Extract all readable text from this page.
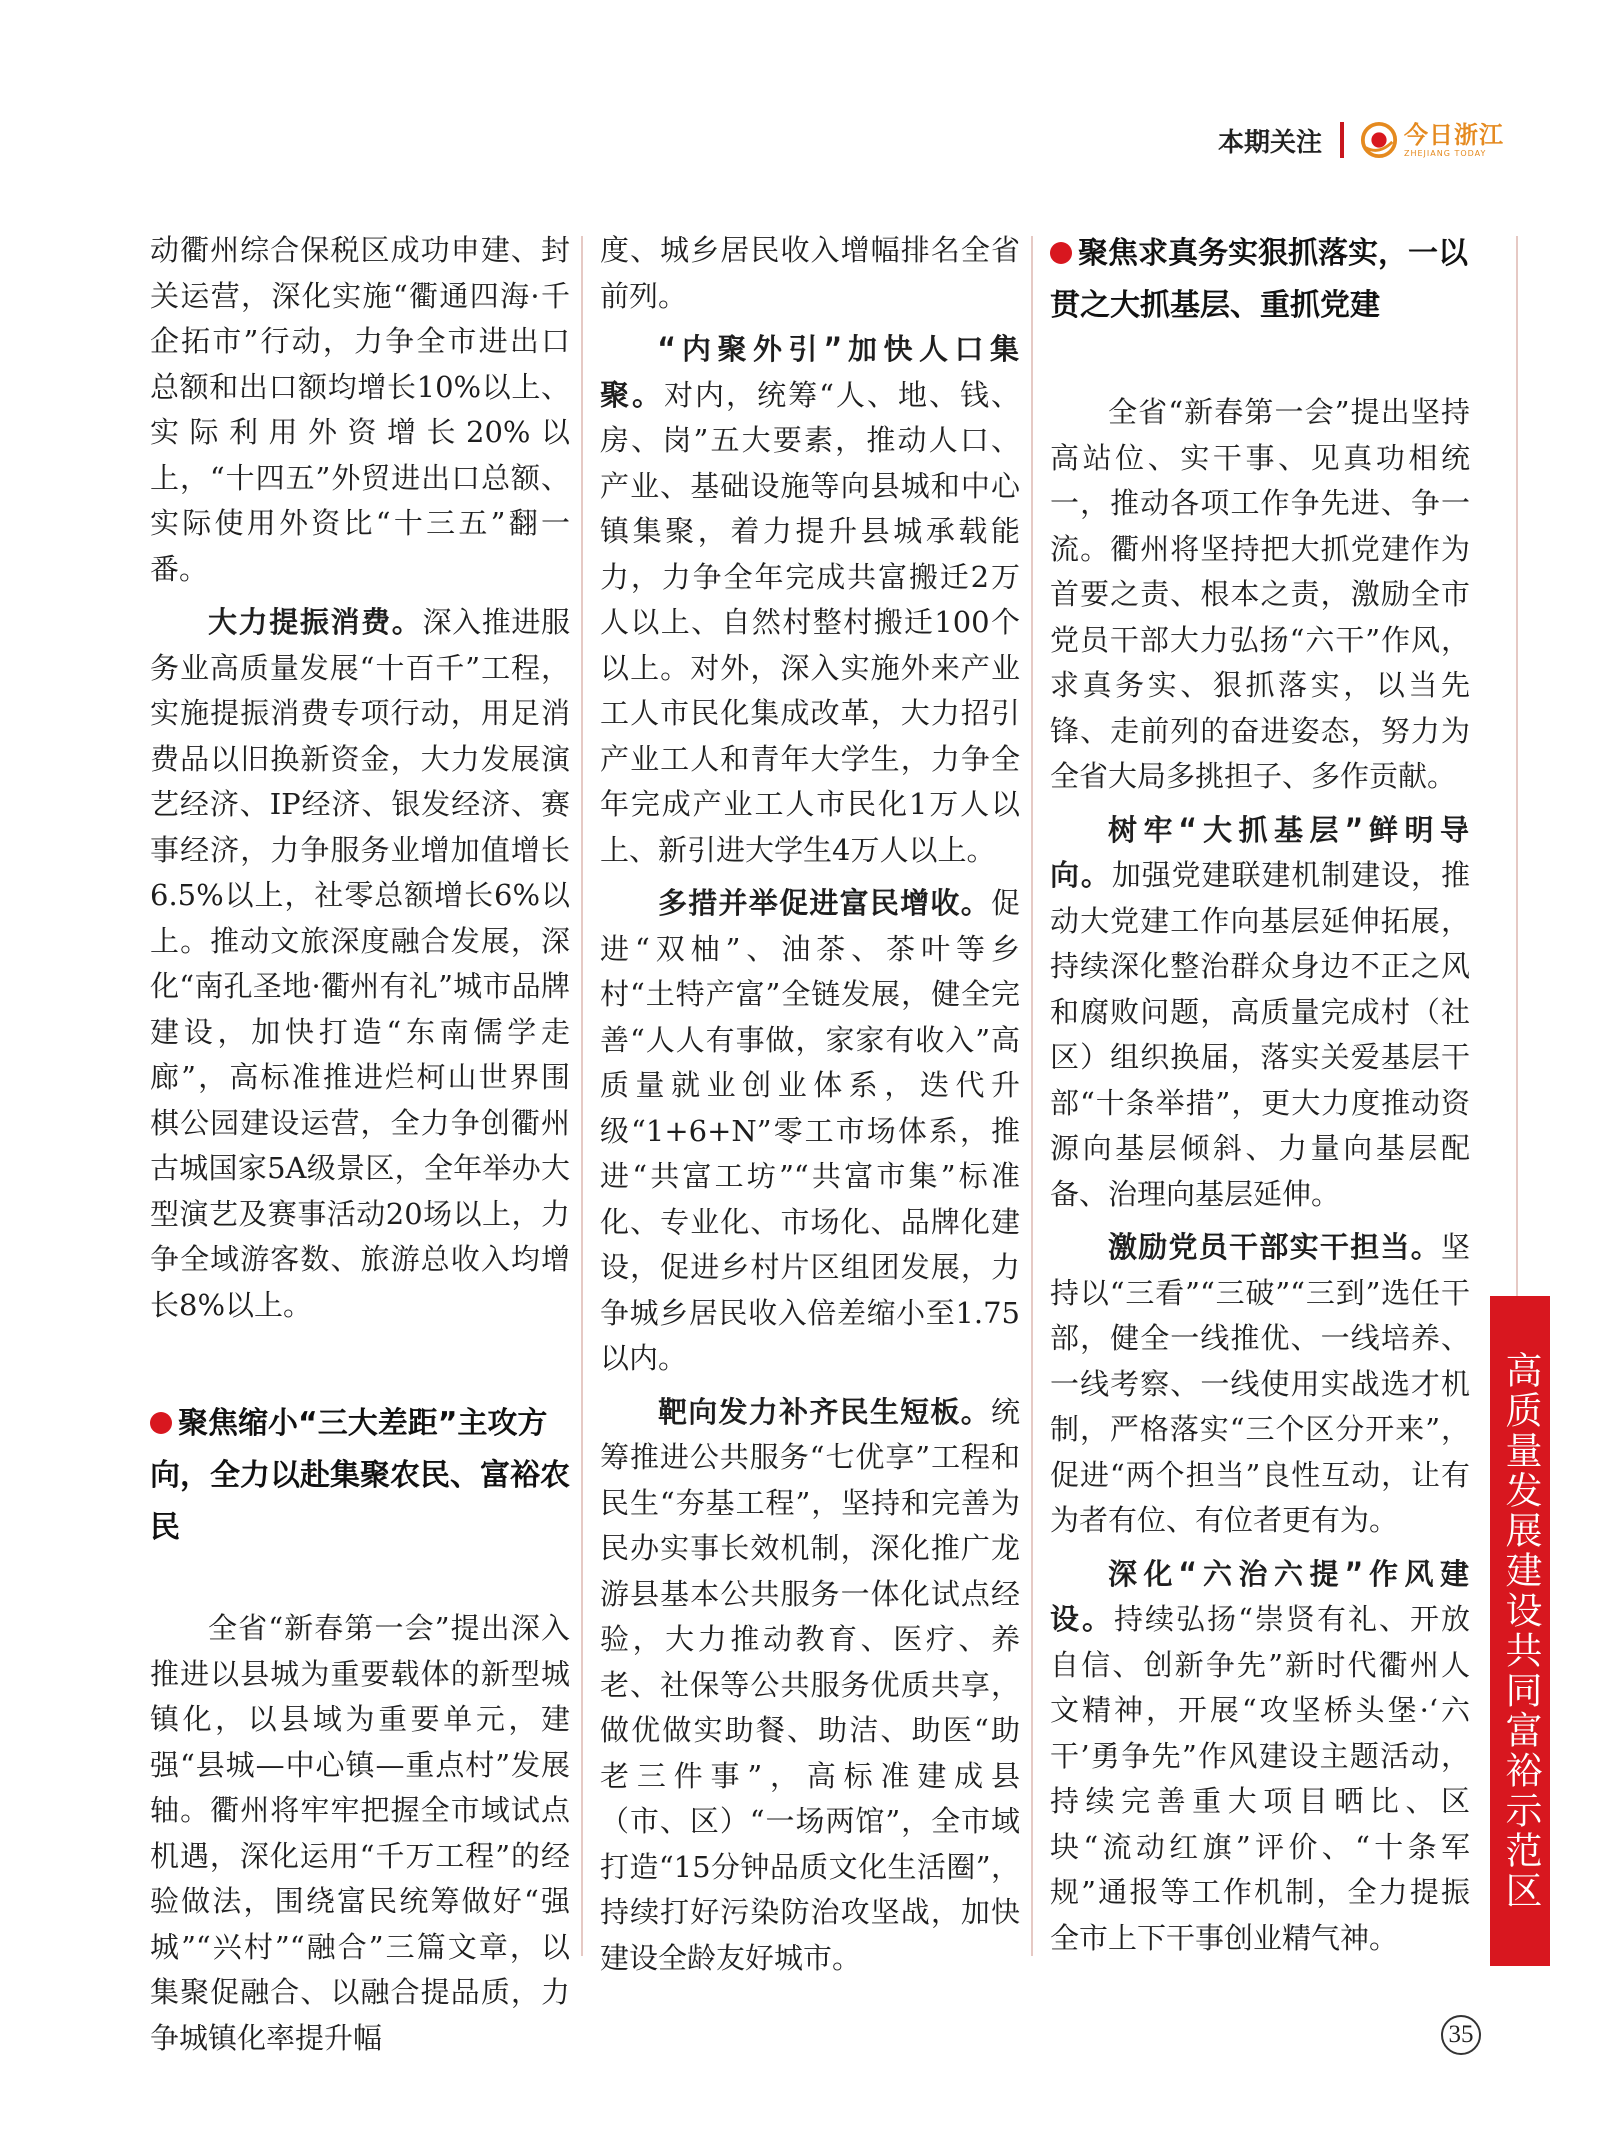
本期关注	今日浙江
ZHEJIANG TODAY

动衢州综合保税区成功申建、封关运营，深化实施“衢通四海·千企拓市”行动，力争全市进出口总额和出口额均增长10%以上、实际利用外资增长20%以上，“十四五”外贸进出口总额、实际使用外资比“十三五”翻一番。

大力提振消费。深入推进服务业高质量发展“十百千”工程，实施提振消费专项行动，用足消费品以旧换新资金，大力发展演艺经济、IP经济、银发经济、赛事经济，力争服务业增加值增长6.5%以上，社零总额增长6%以上。推动文旅深度融合发展，深化“南孔圣地·衢州有礼”城市品牌建设，加快打造“东南儒学走廊”，高标准推进烂柯山世界围棋公园建设运营，全力争创衢州古城国家5A级景区，全年举办大型演艺及赛事活动20场以上，力争全域游客数、旅游总收入均增长8%以上。

聚焦缩小“三大差距”主攻方向，全力以赴集聚农民、富裕农民

全省“新春第一会”提出深入推进以县城为重要载体的新型城镇化，以县域为重要单元，建强“县城—中心镇—重点村”发展轴。衢州将牢牢把握全市域试点机遇，深化运用“千万工程”的经验做法，围绕富民统筹做好“强城”“兴村”“融合”三篇文章，以集聚促融合、以融合提品质，力争城镇化率提升幅

度、城乡居民收入增幅排名全省前列。

“内聚外引”加快人口集聚。对内，统筹“人、地、钱、房、岗”五大要素，推动人口、产业、基础设施等向县城和中心镇集聚，着力提升县城承载能力，力争全年完成共富搬迁2万人以上、自然村整村搬迁100个以上。对外，深入实施外来产业工人市民化集成改革，大力招引产业工人和青年大学生，力争全年完成产业工人市民化1万人以上、新引进大学生4万人以上。

多措并举促进富民增收。促进“双柚”、油茶、茶叶等乡村“土特产富”全链发展，健全完善“人人有事做，家家有收入”高质量就业创业体系，迭代升级“1+6+N”零工市场体系，推进“共富工坊”“共富市集”标准化、专业化、市场化、品牌化建设，促进乡村片区组团发展，力争城乡居民收入倍差缩小至1.75以内。

靶向发力补齐民生短板。统筹推进公共服务“七优享”工程和民生“夯基工程”，坚持和完善为民办实事长效机制，深化推广龙游县基本公共服务一体化试点经验，大力推动教育、医疗、养老、社保等公共服务优质共享，做优做实助餐、助洁、助医“助老三件事”，高标准建成县（市、区）“一场两馆”，全市域打造“15分钟品质文化生活圈”，持续打好污染防治攻坚战，加快建设全龄友好城市。

聚焦求真务实狠抓落实，一以贯之大抓基层、重抓党建

全省“新春第一会”提出坚持高站位、实干事、见真功相统一，推动各项工作争先进、争一流。衢州将坚持把大抓党建作为首要之责、根本之责，激励全市党员干部大力弘扬“六干”作风，求真务实、狠抓落实，以当先锋、走前列的奋进姿态，努力为全省大局多挑担子、多作贡献。

树牢“大抓基层”鲜明导向。加强党建联建机制建设，推动大党建工作向基层延伸拓展，持续深化整治群众身边不正之风和腐败问题，高质量完成村（社区）组织换届，落实关爱基层干部“十条举措”，更大力度推动资源向基层倾斜、力量向基层配备、治理向基层延伸。

激励党员干部实干担当。坚持以“三看”“三破”“三到”选任干部，健全一线推优、一线培养、一线考察、一线使用实战选才机制，严格落实“三个区分开来”，促进“两个担当”良性互动，让有为者有位、有位者更有为。

深化“六治六提”作风建设。持续弘扬“崇贤有礼、开放自信、创新争先”新时代衢州人文精神，开展“攻坚桥头堡·‘六干’勇争先”作风建设主题活动，持续完善重大项目晒比、区块“流动红旗”评价、“十条军规”通报等工作机制，全力提振全市上下干事创业精气神。

高质量发展建设共同富裕示范区
35
